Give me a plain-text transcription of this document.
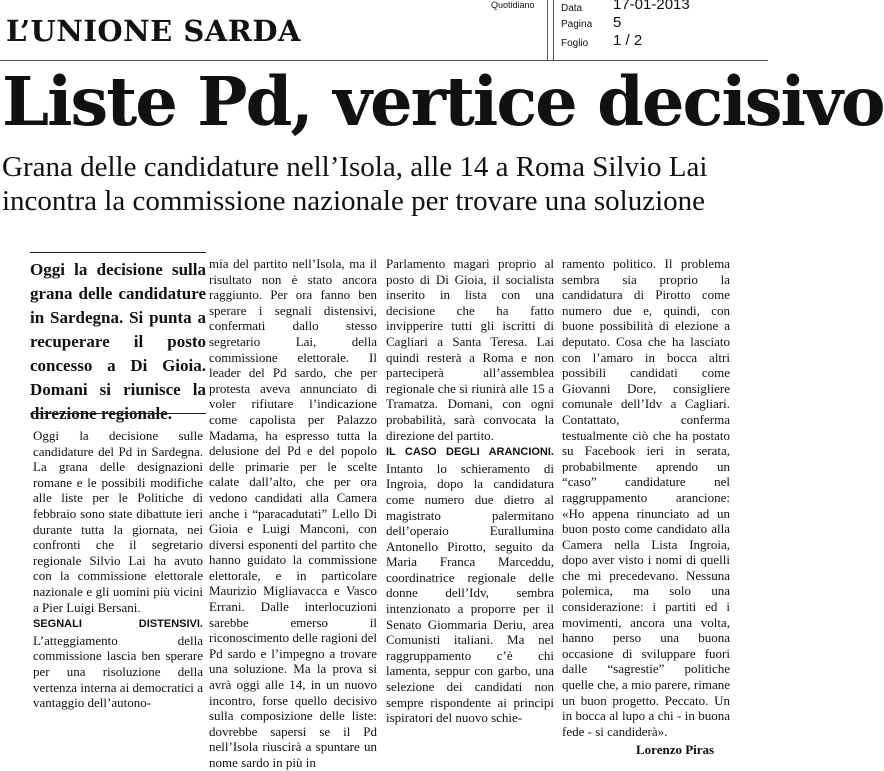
L’UNIONE SARDA
Quotidiano	Data 17-01-2013
Pagina 5
Foglio 1 / 2
Liste Pd, vertice decisivo
Grana delle candidature nell’Isola, alle 14 a Roma Silvio Lai
incontra la commissione nazionale per trovare una soluzione
Oggi la decisione sulla grana delle candidature in Sardegna. Si punta a recuperare il posto concesso a Di Gioia. Domani si riunisce la direzione regionale.

Oggi la decisione sulle candidature del Pd in Sardegna. La grana delle designazioni romane e le possibili modifiche alle liste per le Politiche di febbraio sono state dibattute ieri durante tutta la giornata, nei confronti che il segretario regionale Silvio Lai ha avuto con la commissione elettorale nazionale e gli uomini più vicini a Pier Luigi Bersani.

SEGNALI DISTENSIVI. L’atteggiamento della commissione lascia ben sperare per una risoluzione della vertenza interna ai democratici a vantaggio dell’autono-

mia del partito nell’Isola, ma il risultato non è stato ancora raggiunto. Per ora fanno ben sperare i segnali distensivi, confermati dallo stesso segretario Lai, della commissione elettorale. Il leader del Pd sardo, che per protesta aveva annunciato di voler rifiutare l’indicazione come capolista per Palazzo Madama, ha espresso tutta la delusione del Pd e del popolo delle primarie per le scelte calate dall’alto, che per ora vedono candidati alla Camera anche i “paracadutati” Lello Di Gioia e Luigi Manconi, con diversi esponenti del partito che hanno guidato la commissione elettorale, e in particolare Maurizio Migliavacca e Vasco Errani. Dalle interlocuzioni sarebbe emerso il riconoscimento delle ragioni del Pd sardo e l’impegno a trovare una soluzione. Ma la prova si avrà oggi alle 14, in un nuovo incontro, forse quello decisivo sulla composizione delle liste: dovrebbe sapersi se il Pd nell’Isola riuscirà a spuntare un nome sardo in più in

Parlamento magari proprio al posto di Di Gioia, il socialista inserito in lista con una decisione che ha fatto invipperire tutti gli iscritti di Cagliari a Santa Teresa. Lai quindi resterà a Roma e non parteciperà all’assemblea regionale che si riunirà alle 15 a Tramatza. Domani, con ogni probabilità, sarà convocata la direzione del partito.

IL CASO DEGLI ARANCIONI. Intanto lo schieramento di Ingroia, dopo la candidatura come numero due dietro al magistrato palermitano dell’operaio Eurallumina Antonello Pirotto, seguito da Maria Franca Marceddu, coordinatrice regionale delle donne dell’Idv, sembra intenzionato a proporre per il Senato Giommaria Deriu, area Comunisti italiani. Ma nel raggruppamento c’è chi lamenta, seppur con garbo, una selezione dei candidati non sempre rispondente ai principi ispiratori del nuovo schie-

ramento politico. Il problema sembra sia proprio la candidatura di Pirotto come numero due e, quindi, con buone possibilità di elezione a deputato. Cosa che ha lasciato con l’amaro in bocca altri possibili candidati come Giovanni Dore, consigliere comunale dell’Idv a Cagliari. Contattato, conferma testualmente ciò che ha postato su Facebook ieri in serata, probabilmente aprendo un “caso” candidature nel raggruppamento arancione: «Ho appena rinunciato ad un buon posto come candidato alla Camera nella Lista Ingroia, dopo aver visto i nomi di quelli che mi precedevano. Nessuna polemica, ma solo una considerazione: i partiti ed i movimenti, ancora una volta, hanno perso una buona occasione di sviluppare fuori dalle “sagrestie” politiche quelle che, a mio parere, rimane un buon progetto. Peccato. Un in bocca al lupo a chi - in buona fede - si candiderà».

Lorenzo Piras
